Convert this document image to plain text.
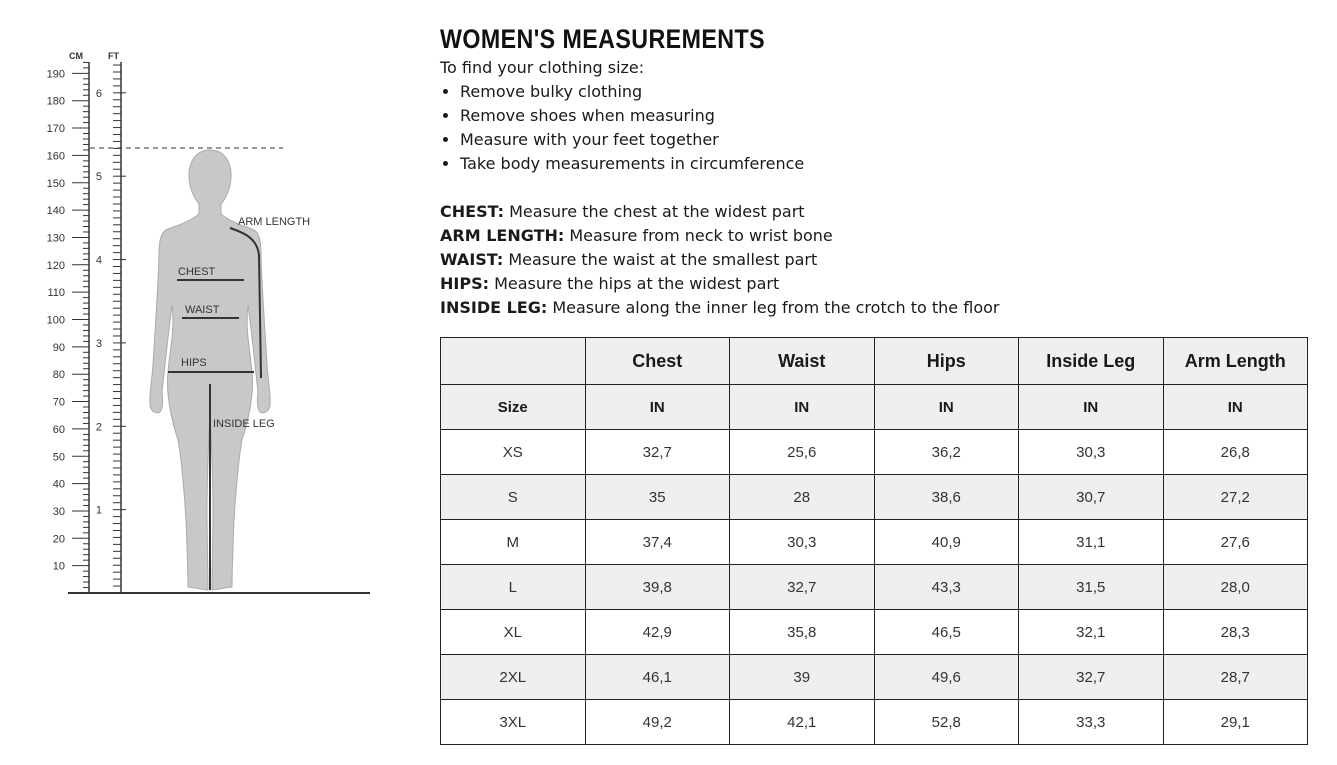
190
180
170
160
150
140
130
120
110
100
90
80
70
60
50
40
30
20
10
6
5
4
3
2
1
ARM LENGTH
CHEST
WAIST
HIPS
INSIDE LEG
CM	FT
WOMEN'S MEASUREMENTS
To find your clothing size:
• Remove bulky clothing
• Remove shoes when measuring
• Measure with your feet together
• Take body measurements in circumference
CHEST: Measure the chest at the widest part
ARM LENGTH: Measure from neck to wrist bone
WAIST: Measure the waist at the smallest part
HIPS: Measure the hips at the widest part
INSIDE LEG: Measure along the inner leg from the crotch to the floor
	Chest	Waist	Hips	Inside Leg	Arm Length
Size	IN	IN	IN	IN	IN
XS	32,7	25,6	36,2	30,3	26,8
S	35	28	38,6	30,7	27,2
M	37,4	30,3	40,9	31,1	27,6
L	39,8	32,7	43,3	31,5	28,0
XL	42,9	35,8	46,5	32,1	28,3
2XL	46,1	39	49,6	32,7	28,7
3XL	49,2	42,1	52,8	33,3	29,1
